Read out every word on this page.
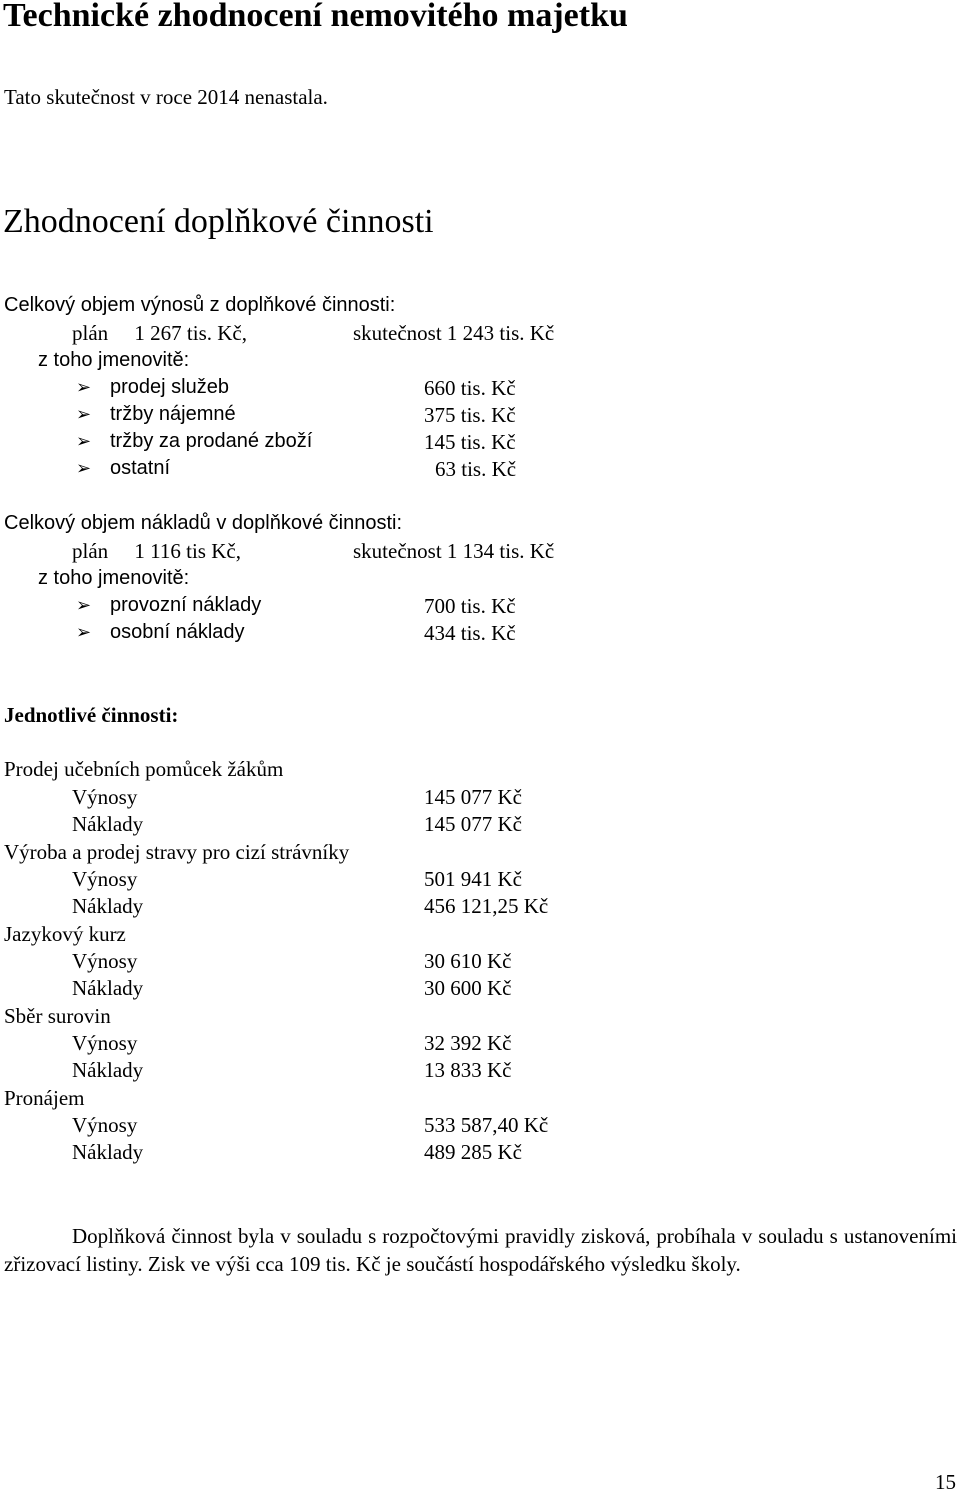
Technické zhodnocení nemovitého majetku
Tato skutečnost v roce 2014 nenastala.
Zhodnocení doplňkové činnosti
Celkový objem výnosů z doplňkové činnosti:
plán     1 267 tis. Kč,	skutečnost 1 243 tis. Kč
z toho jmenovitě:
➢ prodej služeb	660 tis. Kč
➢ tržby nájemné	375 tis. Kč
➢ tržby za prodané zboží	145 tis. Kč
➢ ostatní	63 tis. Kč
Celkový objem nákladů v doplňkové činnosti:
plán     1 116 tis Kč,	skutečnost 1 134 tis. Kč
z toho jmenovitě:
➢ provozní náklady	700 tis. Kč
➢ osobní náklady	434 tis. Kč
Jednotlivé činnosti:
Prodej učebních pomůcek žákům
Výnosy	145 077 Kč
Náklady	145 077 Kč
Výroba a prodej stravy pro cizí strávníky
Výnosy	501 941 Kč
Náklady	456 121,25 Kč
Jazykový kurz
Výnosy	30 610 Kč
Náklady	30 600 Kč
Sběr surovin
Výnosy	32 392 Kč
Náklady	13 833 Kč
Pronájem
Výnosy	533 587,40 Kč
Náklady	489 285 Kč
Doplňková činnost byla v souladu s rozpočtovými pravidly zisková, probíhala v souladu s ustanoveními zřizovací listiny. Zisk ve výši cca 109 tis. Kč je součástí hospodářského výsledku školy.
15
